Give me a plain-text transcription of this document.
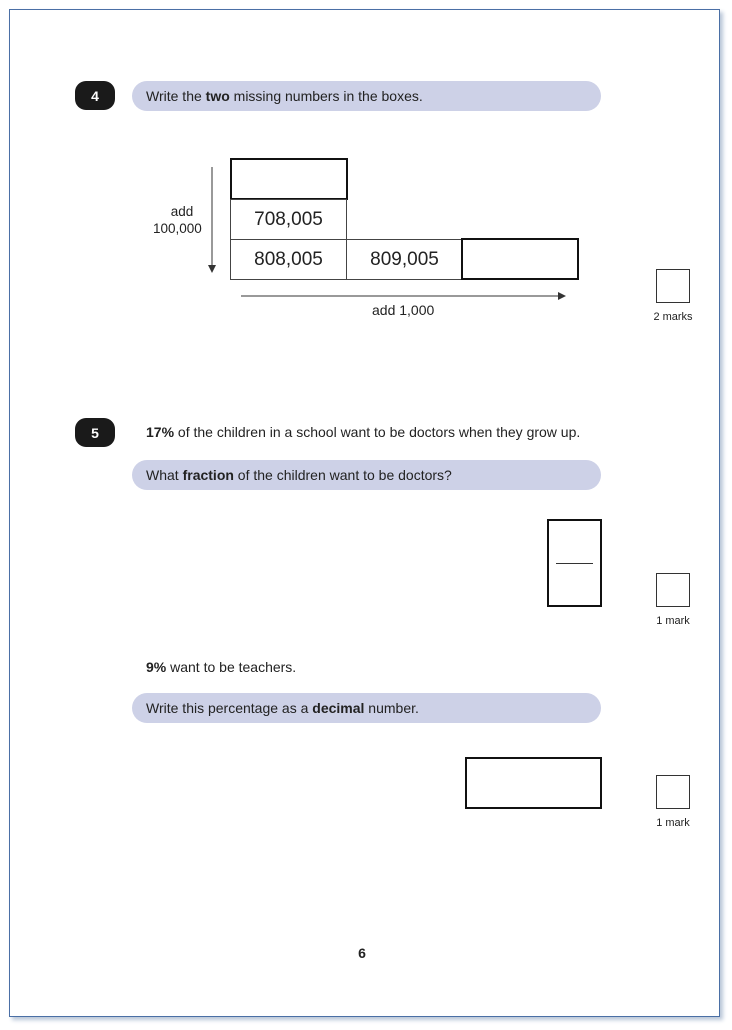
4	Write the two missing numbers in the boxes.
add
100,000	708,005
808,005	809,005
add 1,000	2 marks
5	17% of the children in a school want to be doctors when they grow up.
What fraction of the children want to be doctors?
1 mark
9% want to be teachers.
Write this percentage as a decimal number.
1 mark
6
